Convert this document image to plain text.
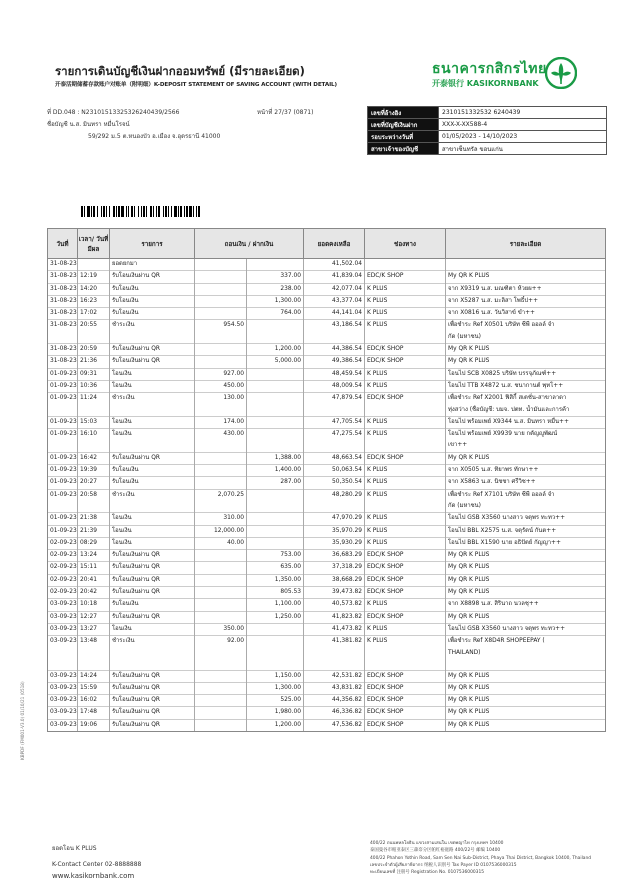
รายการเดินบัญชีเงินฝากออมทรัพย์ (มีรายละเอียด)
开泰活期储蓄存款账户对账单（附明细）K-DEPOSIT STATEMENT OF SAVING ACCOUNT (WITH DETAIL)
ธนาคารกสิกรไทย
开泰银行 KASIKORNBANK
ที่ DD.048 : N23101513325326240439/2566	หน้าที่ 27/37 (0871)
ชื่อบัญชี น.ส. มินทรา หมื่นโรจน์
59/292 ม.5 ต.หนองบัว อ.เมือง จ.อุดรธานี 41000
เลขที่อ้างอิง	2310151332532 6240439
เลขที่บัญชีเงินฝาก	XXX-X-XX588-4
รอบระหว่างวันที่	01/05/2023 - 14/10/2023
สาขาเจ้าของบัญชี	สาขาเซ็นทรัล ขอนแก่น
วันที่	เวลา/ วันที่มีผล	รายการ	ถอนเงิน / ฝากเงิน		ยอดคงเหลือ	ช่องทาง	รายละเอียด
31-08-23		ยอดยกมา			41,502.04		
31-08-23	12:19	รับโอนเงินผ่าน QR		337.00	41,839.04	EDC/K SHOP	My QR K PLUS
31-08-23	14:20	รับโอนเงิน		238.00	42,077.04	K PLUS	จาก X9319 น.ส. มณฑิตา ห้วยผ++
31-08-23	16:23	รับโอนเงิน		1,300.00	43,377.04	K PLUS	จาก X5287 น.ส. มะลิสา โพธิ์ป++
31-08-23	17:02	รับโอนเงิน		764.00	44,141.04	K PLUS	จาก X0816 น.ส. วันวิสาข์ ขำ++
31-08-23	20:55	ชำระเงิน	954.50		43,186.54	K PLUS	เพื่อชำระ Ref X0501 บริษัท ซีพี ออลล์ จำ
							กัด (มหาชน)
31-08-23	20:59	รับโอนเงินผ่าน QR		1,200.00	44,386.54	EDC/K SHOP	My QR K PLUS
31-08-23	21:36	รับโอนเงินผ่าน QR		5,000.00	49,386.54	EDC/K SHOP	My QR K PLUS
01-09-23	09:31	โอนเงิน	927.00		48,459.54	K PLUS	โอนไป SCB X0825 บริษัท บรรจุภัณฑ์++
01-09-23	10:36	โอนเงิน	450.00		48,009.54	K PLUS	โอนไป TTB X4872 น.ส. ชนากานต์ พุทโ++
01-09-23	11:24	ชำระเงิน	130.00		47,879.54	EDC/K SHOP	เพื่อชำระ Ref X2001 ฟิสิกี้ สเตชั่น-สาขาลาดา
							ทุ่งสว่าง (ชื่อบัญชี: บมจ. ปตท. น้ำมันและการค้า
01-09-23	15:03	โอนเงิน	174.00		47,705.54	K PLUS	โอนไป พร้อมเพย์ X9344 น.ส. มินทรา หมื่น++
01-09-23	16:10	โอนเงิน	430.00		47,275.54	K PLUS	โอนไป พร้อมเพย์ X9939 นาย กตัญญูพัฒน์
							เขา++
01-09-23	16:42	รับโอนเงินผ่าน QR		1,388.00	48,663.54	EDC/K SHOP	My QR K PLUS
01-09-23	19:39	รับโอนเงิน		1,400.00	50,063.54	K PLUS	จาก X0505 น.ส. ทิยาพร ทักษา++
01-09-23	20:27	รับโอนเงิน		287.00	50,350.54	K PLUS	จาก X5863 น.ส. นิชชา ศรีวิช++
01-09-23	20:58	ชำระเงิน	2,070.25		48,280.29	K PLUS	เพื่อชำระ Ref X7101 บริษัท ซีพี ออลล์ จำ
							กัด (มหาชน)
01-09-23	21:38	โอนเงิน	310.00		47,970.29	K PLUS	โอนไป GSB X3560 นางสาว จตุพร ทะทว++
01-09-23	21:39	โอนเงิน	12,000.00		35,970.29	K PLUS	โอนไป BBL X2575 น.ส. จตุรัตน์ กันต++
02-09-23	08:29	โอนเงิน	40.00		35,930.29	K PLUS	โอนไป BBL X1590 นาย อธิปัตย์ กัญญา++
02-09-23	13:24	รับโอนเงินผ่าน QR		753.00	36,683.29	EDC/K SHOP	My QR K PLUS
02-09-23	15:11	รับโอนเงินผ่าน QR		635.00	37,318.29	EDC/K SHOP	My QR K PLUS
02-09-23	20:41	รับโอนเงินผ่าน QR		1,350.00	38,668.29	EDC/K SHOP	My QR K PLUS
02-09-23	20:42	รับโอนเงินผ่าน QR		805.53	39,473.82	EDC/K SHOP	My QR K PLUS
03-09-23	10:18	รับโอนเงิน		1,100.00	40,573.82	K PLUS	จาก X8898 น.ส. สิรินาถ นวลชุ++
03-09-23	12:27	รับโอนเงินผ่าน QR		1,250.00	41,823.82	EDC/K SHOP	My QR K PLUS
03-09-23	13:27	โอนเงิน	350.00		41,473.82	K PLUS	โอนไป GSB X3560 นางสาว จตุพร ทะทว++
03-09-23	13:48	ชำระเงิน	92.00		41,381.82	K PLUS	เพื่อชำระ Ref X8D4R SHOPEEPAY (
							THAILAND)

03-09-23	14:24	รับโอนเงินผ่าน QR		1,150.00	42,531.82	EDC/K SHOP	My QR K PLUS
03-09-23	15:59	รับโอนเงินผ่าน QR		1,300.00	43,831.82	EDC/K SHOP	My QR K PLUS
03-09-23	16:02	รับโอนเงินผ่าน QR		525.00	44,356.82	EDC/K SHOP	My QR K PLUS
03-09-23	17:48	รับโอนเงินผ่าน QR		1,980.00	46,336.82	EDC/K SHOP	My QR K PLUS
03-09-23	19:06	รับโอนเงินผ่าน QR		1,200.00	47,536.82	EDC/K SHOP	My QR K PLUS
ยอดโอน K PLUS
K-Contact Center 02-8888888
www.kasikornbank.com
400/22 ถนนพหลโยธิน แขวงสามเสนใน เขตพญาไท กรุงเทพฯ 10400
泰国曼谷市帕亚泰区三森奈分区帕红裕庭路 400/22号 邮编 10400
400/22 Phahon Yothin Road, Sam Sen Nai Sub-District, Phaya Thai District, Bangkok 10400, Thailand
เลขประจำตัวผู้เสียภาษีอากร 纳税人识别号 Tax Payer ID 0107536000315
ทะเบียนเลขที่ 注册号 Registration No. 0107536000315
KBPDF (FM001-V3.0) 01/10/21 (0518)
